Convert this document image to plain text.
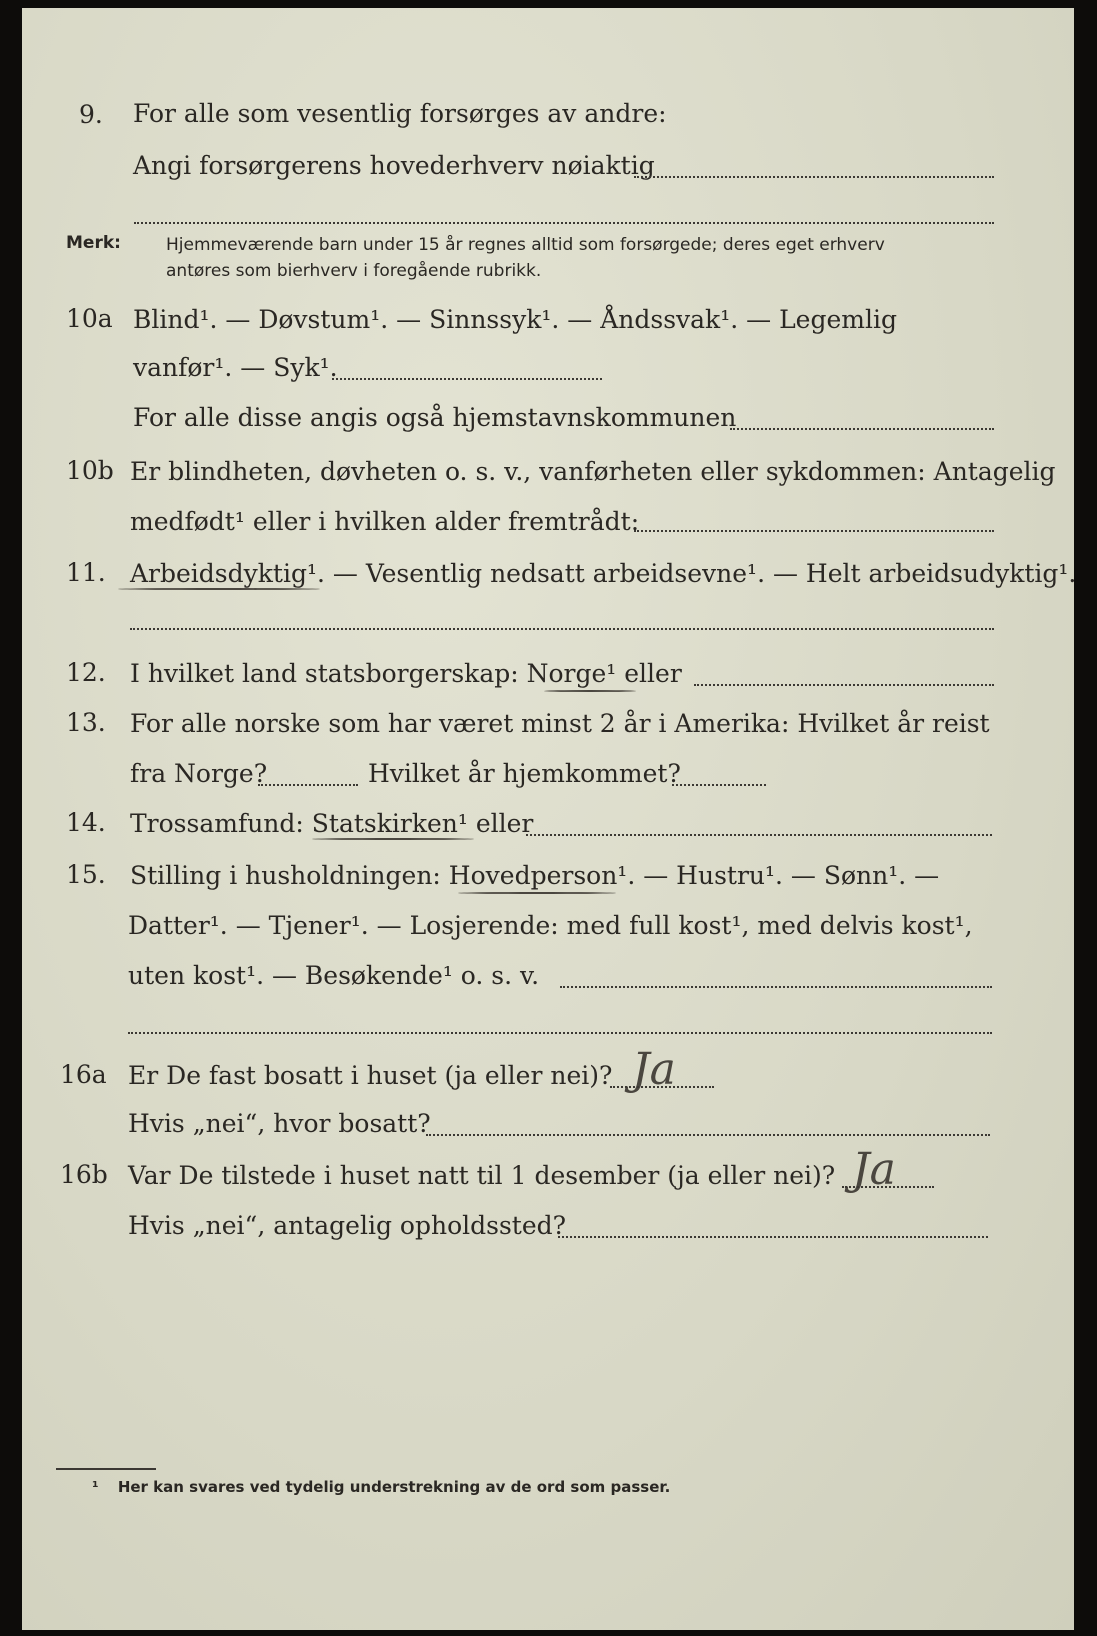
9. For alle som vesentlig forsørges av andre:
Angi forsørgerens hovederhverv nøiaktig
Merk:	Hjemmeværende barn under 15 år regnes alltid som forsørgede; deres eget erhverv
antøres som bierhverv i foregående rubrikk.
10a Blind¹. — Døvstum¹. — Sinnssyk¹. — Åndssvak¹. — Legemlig
vanfør¹. — Syk¹.
For alle disse angis også hjemstavnskommunen
10b Er blindheten, døvheten o. s. v., vanførheten eller sykdommen: Antagelig
medfødt¹ eller i hvilken alder fremtrådt:
11. Arbeidsdyktig¹. — Vesentlig nedsatt arbeidsevne¹. — Helt arbeidsudyktig¹.
12. I hvilket land statsborgerskap: Norge¹ eller
13. For alle norske som har været minst 2 år i Amerika: Hvilket år reist
fra Norge?	Hvilket år hjemkommet?
14. Trossamfund: Statskirken¹ eller
15. Stilling i husholdningen: Hovedperson¹. — Hustru¹. — Sønn¹. —
Datter¹. — Tjener¹. — Losjerende: med full kost¹, med delvis kost¹,
uten kost¹. — Besøkende¹ o. s. v.
16a Er De fast bosatt i huset (ja eller nei)? Ja
Hvis „nei“, hvor bosatt?
16b Var De tilstede i huset natt til 1 desember (ja eller nei)? Ja
Hvis „nei“, antagelig opholdssted?
¹ Her kan svares ved tydelig understrekning av de ord som passer.
